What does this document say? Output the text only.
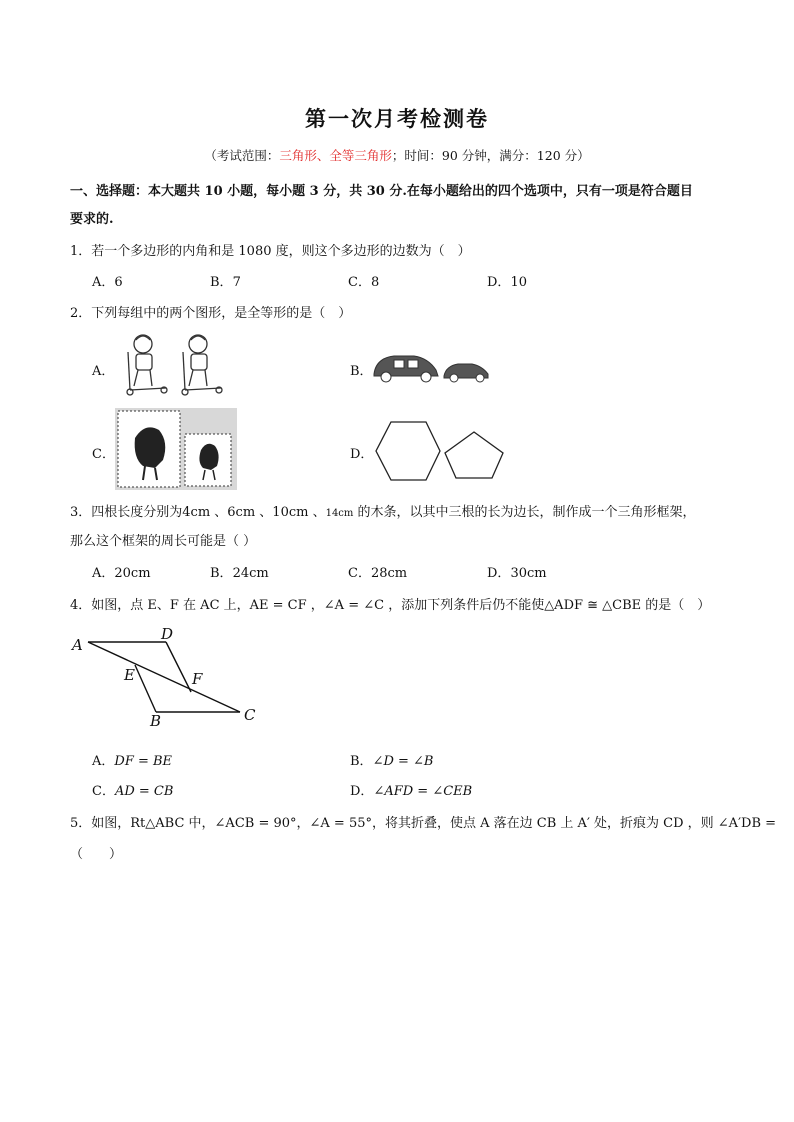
第一次月考检测卷
（考试范围：三角形、全等三角形；时间：90 分钟，满分：120 分）
一、选择题：本大题共 10 小题，每小题 3 分，共 30 分.在每小题给出的四个选项中，只有一项是符合题目
要求的.
1．若一个多边形的内角和是 1080 度，则这个多边形的边数为（　）
A．6	B．7	C．8	D．10
2．下列每组中的两个图形，是全等形的是（　）
A．	B．
C．	D．
3．四根长度分别为4cm 、6cm 、10cm 、14cm 的木条，以其中三根的长为边长，制作成一个三角形框架，
那么这个框架的周长可能是（ ）
A．20cm	B．24cm	C．28cm	D．30cm
4．如图，点 E、F 在 AC 上，AE = CF ，∠A = ∠C ，添加下列条件后仍不能使△ADF ≅ △CBE 的是（　）
A
D
E	F
B	C
A．DF = BE	B．∠D = ∠B
C．AD = CB	D．∠AFD = ∠CEB
5．如图，Rt△ABC 中，∠ACB = 90°，∠A = 55°，将其折叠，使点 A 落在边 CB 上 A′ 处，折痕为 CD ，则 ∠A′DB =
（　　）
